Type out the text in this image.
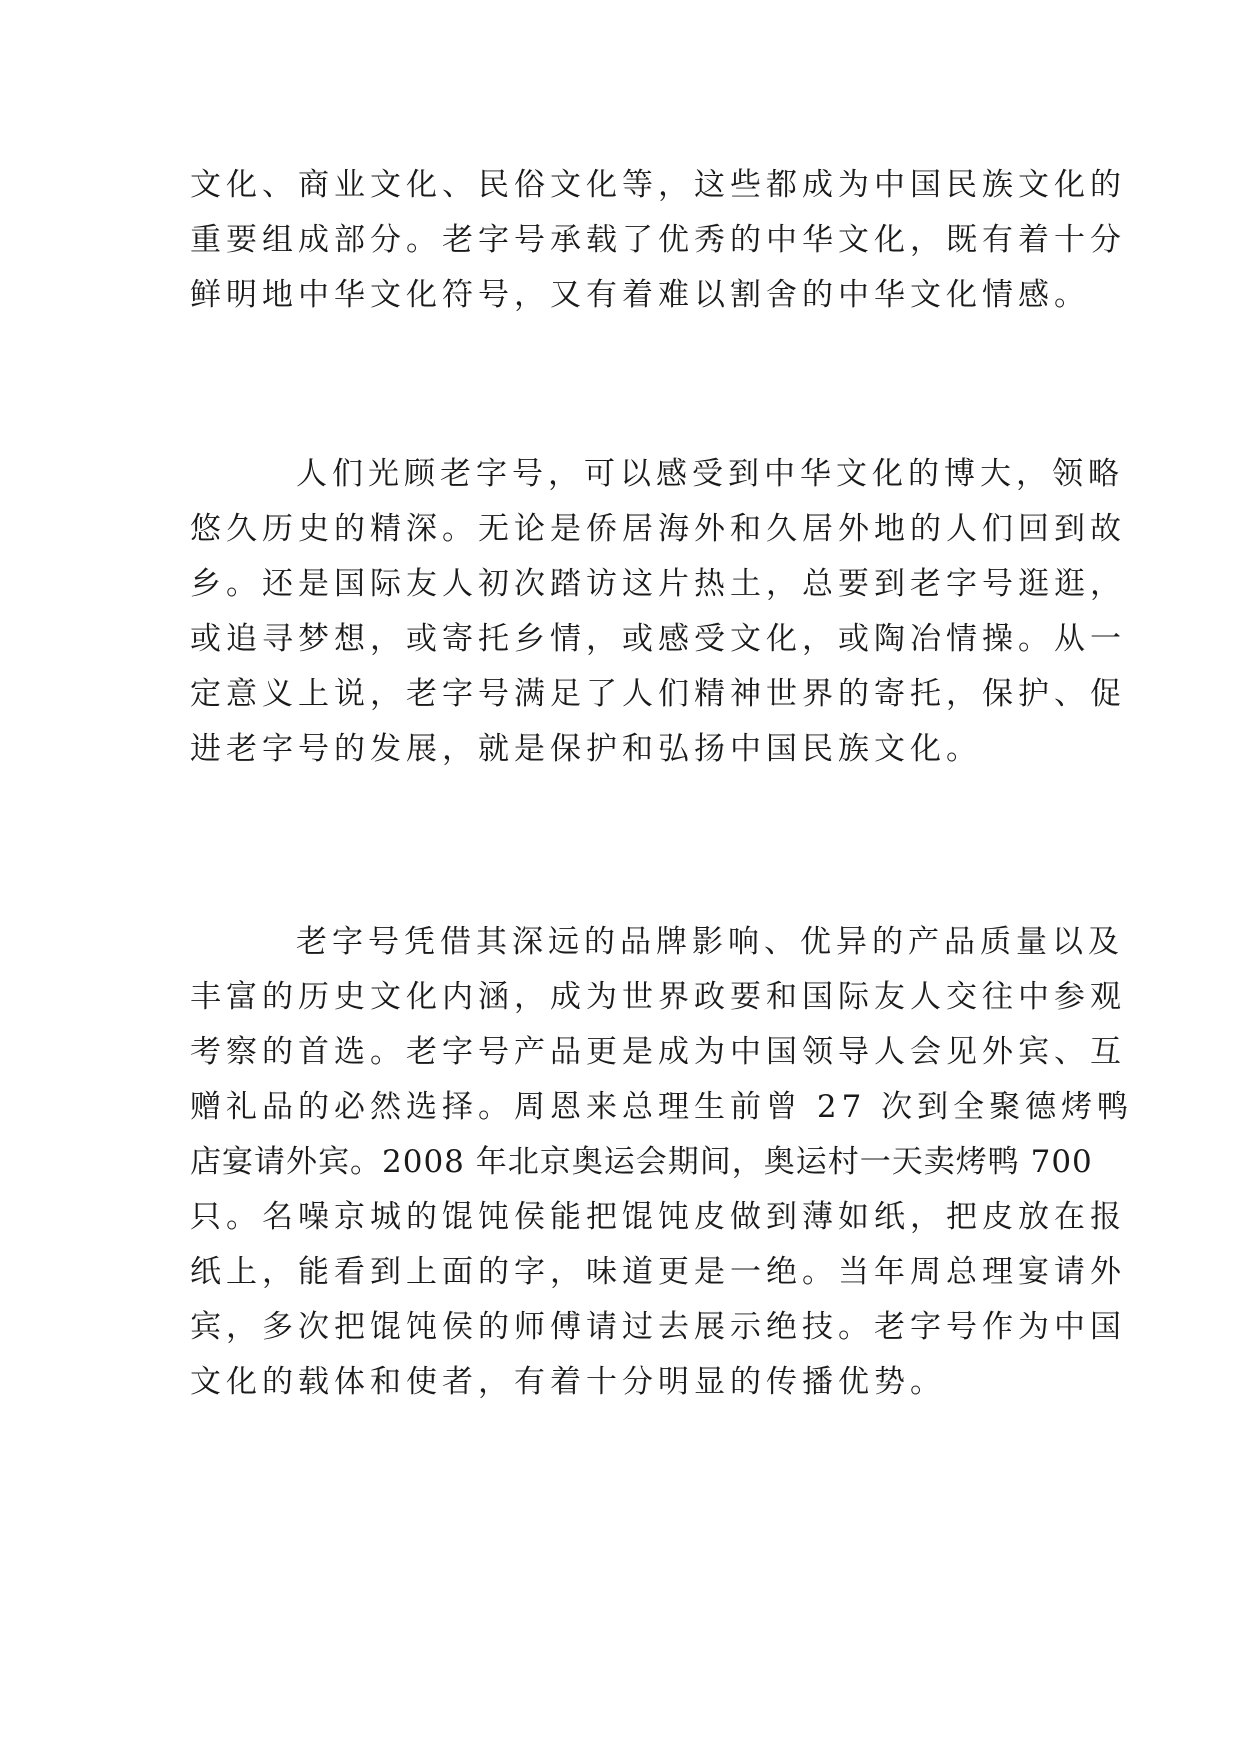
文化、商业文化、民俗文化等，这些都成为中国民族文化的
重要组成部分。老字号承载了优秀的中华文化，既有着十分
鲜明地中华文化符号，又有着难以割舍的中华文化情感。
人们光顾老字号，可以感受到中华文化的博大，领略
悠久历史的精深。无论是侨居海外和久居外地的人们回到故
乡。还是国际友人初次踏访这片热土，总要到老字号逛逛，
或追寻梦想，或寄托乡情，或感受文化，或陶冶情操。从一
定意义上说，老字号满足了人们精神世界的寄托，保护、促
进老字号的发展，就是保护和弘扬中国民族文化。
老字号凭借其深远的品牌影响、优异的产品质量以及
丰富的历史文化内涵，成为世界政要和国际友人交往中参观
考察的首选。老字号产品更是成为中国领导人会见外宾、互
赠礼品的必然选择。周恩来总理生前曾 27 次到全聚德烤鸭
店宴请外宾。2008 年北京奥运会期间，奥运村一天卖烤鸭 700
只。名噪京城的馄饨侯能把馄饨皮做到薄如纸，把皮放在报
纸上，能看到上面的字，味道更是一绝。当年周总理宴请外
宾，多次把馄饨侯的师傅请过去展示绝技。老字号作为中国
文化的载体和使者，有着十分明显的传播优势。
